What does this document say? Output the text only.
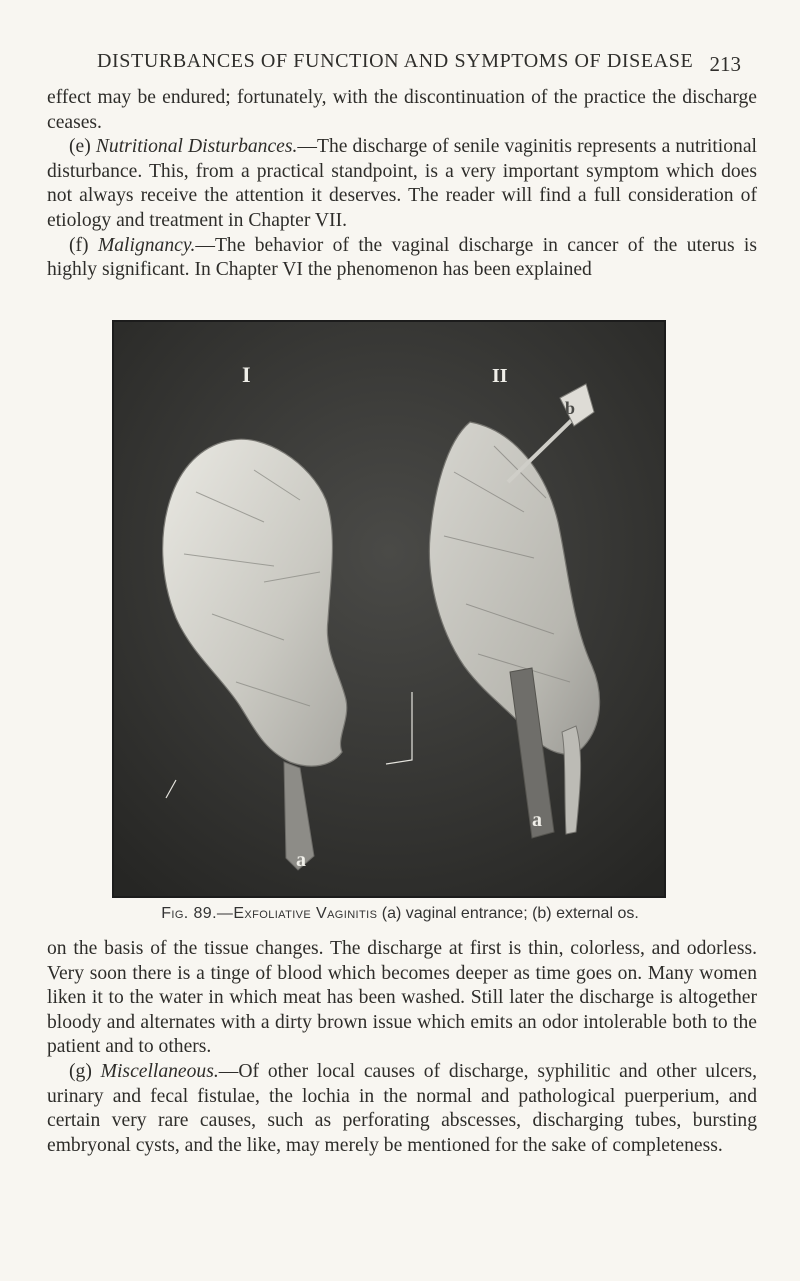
DISTURBANCES OF FUNCTION AND SYMPTOMS OF DISEASE 213

effect may be endured; fortunately, with the discontinuation of the practice the discharge ceases.

(e) Nutritional Disturbances.—The discharge of senile vaginitis represents a nutritional disturbance. This, from a practical standpoint, is a very important symptom which does not always receive the attention it deserves. The reader will find a full consideration of etiology and treatment in Chapter VII.

(f) Malignancy.—The behavior of the vaginal discharge in cancer of the uterus is highly significant. In Chapter VI the phenomenon has been explained

I	II
a
a
b
Fig. 89.—Exfoliative Vaginitis (a) vaginal entrance; (b) external os.

on the basis of the tissue changes. The discharge at first is thin, colorless, and odorless. Very soon there is a tinge of blood which becomes deeper as time goes on. Many women liken it to the water in which meat has been washed. Still later the discharge is altogether bloody and alternates with a dirty brown issue which emits an odor intolerable both to the patient and to others.

(g) Miscellaneous.—Of other local causes of discharge, syphilitic and other ulcers, urinary and fecal fistulae, the lochia in the normal and pathological puerperium, and certain very rare causes, such as perforating abscesses, discharging tubes, bursting embryonal cysts, and the like, may merely be mentioned for the sake of completeness.
